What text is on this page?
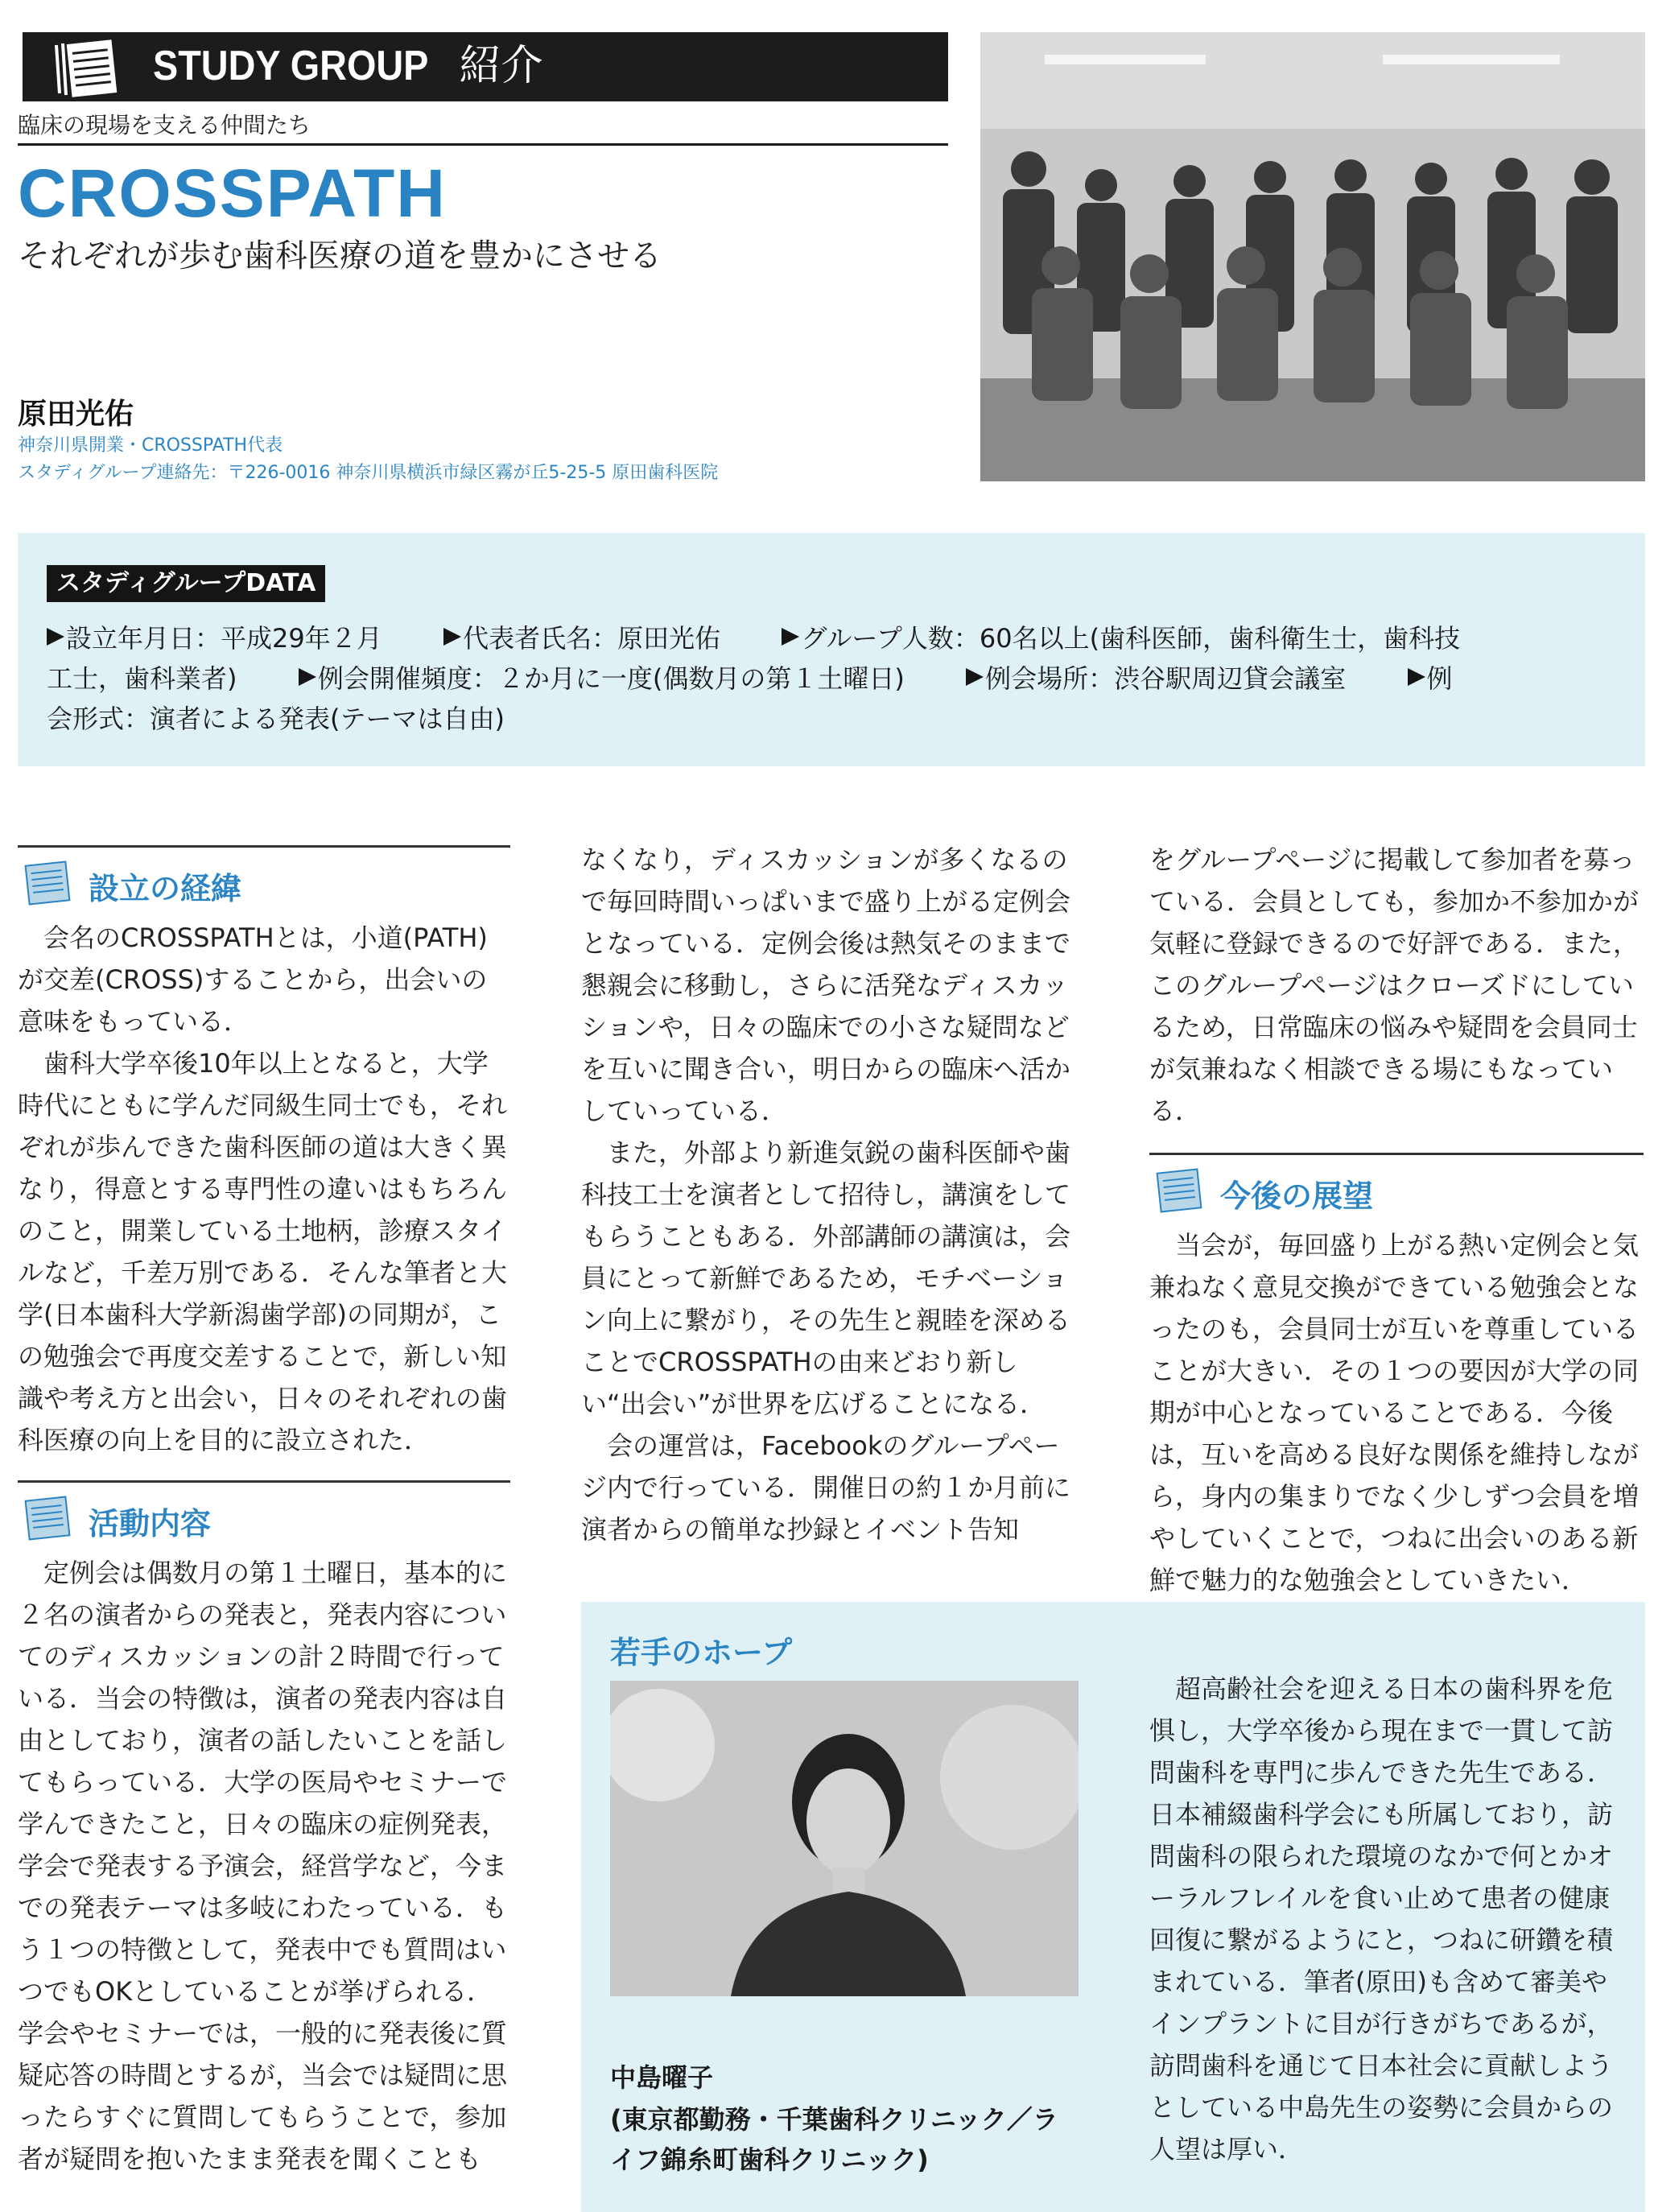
STUDY GROUP 紹介
臨床の現場を支える仲間たち
CROSSPATH
それぞれが歩む歯科医療の道を豊かにさせる
原田光佑
神奈川県開業・CROSSPATH代表
スタディグループ連絡先：〒226-0016 神奈川県横浜市緑区霧が丘5-25-5 原田歯科医院
スタディグループDATA
設立年月日：平成29年２月	代表者氏名：原田光佑	グループ人数：60名以上(歯科医師，歯科衛生士，歯科技
工士，歯科業者)	例会開催頻度：２か月に一度(偶数月の第１土曜日)	例会場所：渋谷駅周辺貸会議室	例
会形式：演者による発表(テーマは自由)
設立の経緯

会名のCROSSPATHとは，小道(PATH)が交差(CROSS)することから，出会いの意味をもっている．

歯科大学卒後10年以上となると，大学時代にともに学んだ同級生同士でも，それぞれが歩んできた歯科医師の道は大きく異なり，得意とする専門性の違いはもちろんのこと，開業している土地柄，診療スタイルなど，千差万別である．そんな筆者と大学(日本歯科大学新潟歯学部)の同期が，この勉強会で再度交差することで，新しい知識や考え方と出会い，日々のそれぞれの歯科医療の向上を目的に設立された．

活動内容

定例会は偶数月の第１土曜日，基本的に２名の演者からの発表と，発表内容についてのディスカッションの計２時間で行っている．当会の特徴は，演者の発表内容は自由としており，演者の話したいことを話してもらっている．大学の医局やセミナーで学んできたこと，日々の臨床の症例発表，学会で発表する予演会，経営学など，今までの発表テーマは多岐にわたっている．もう１つの特徴として，発表中でも質問はいつでもOKとしていることが挙げられる．学会やセミナーでは，一般的に発表後に質疑応答の時間とするが，当会では疑問に思ったらすぐに質問してもらうことで，参加者が疑問を抱いたまま発表を聞くことも

なくなり，ディスカッションが多くなるので毎回時間いっぱいまで盛り上がる定例会となっている．定例会後は熱気そのままで懇親会に移動し，さらに活発なディスカッションや，日々の臨床での小さな疑問などを互いに聞き合い，明日からの臨床へ活かしていっている．

また，外部より新進気鋭の歯科医師や歯科技工士を演者として招待し，講演をしてもらうこともある．外部講師の講演は，会員にとって新鮮であるため，モチベーション向上に繋がり，その先生と親睦を深めることでCROSSPATHの由来どおり新しい“出会い”が世界を広げることになる．

会の運営は，Facebookのグループページ内で行っている．開催日の約１か月前に演者からの簡単な抄録とイベント告知

をグループページに掲載して参加者を募っている．会員としても，参加か不参加かが気軽に登録できるので好評である．また，このグループページはクローズドにしているため，日常臨床の悩みや疑問を会員同士が気兼ねなく相談できる場にもなっている．

今後の展望

当会が，毎回盛り上がる熱い定例会と気兼ねなく意見交換ができている勉強会となったのも，会員同士が互いを尊重していることが大きい．その１つの要因が大学の同期が中心となっていることである．今後は，互いを高める良好な関係を維持しながら，身内の集まりでなく少しずつ会員を増やしていくことで，つねに出会いのある新鮮で魅力的な勉強会としていきたい．

若手のホープ
中島曜子
(東京都勤務・千葉歯科クリニック／ライフ錦糸町歯科クリニック)

超高齢社会を迎える日本の歯科界を危惧し，大学卒後から現在まで一貫して訪問歯科を専門に歩んできた先生である．日本補綴歯科学会にも所属しており，訪問歯科の限られた環境のなかで何とかオーラルフレイルを食い止めて患者の健康回復に繋がるようにと，つねに研鑽を積まれている．筆者(原田)も含めて審美やインプラントに目が行きがちであるが，訪問歯科を通じて日本社会に貢献しようとしている中島先生の姿勢に会員からの人望は厚い．
